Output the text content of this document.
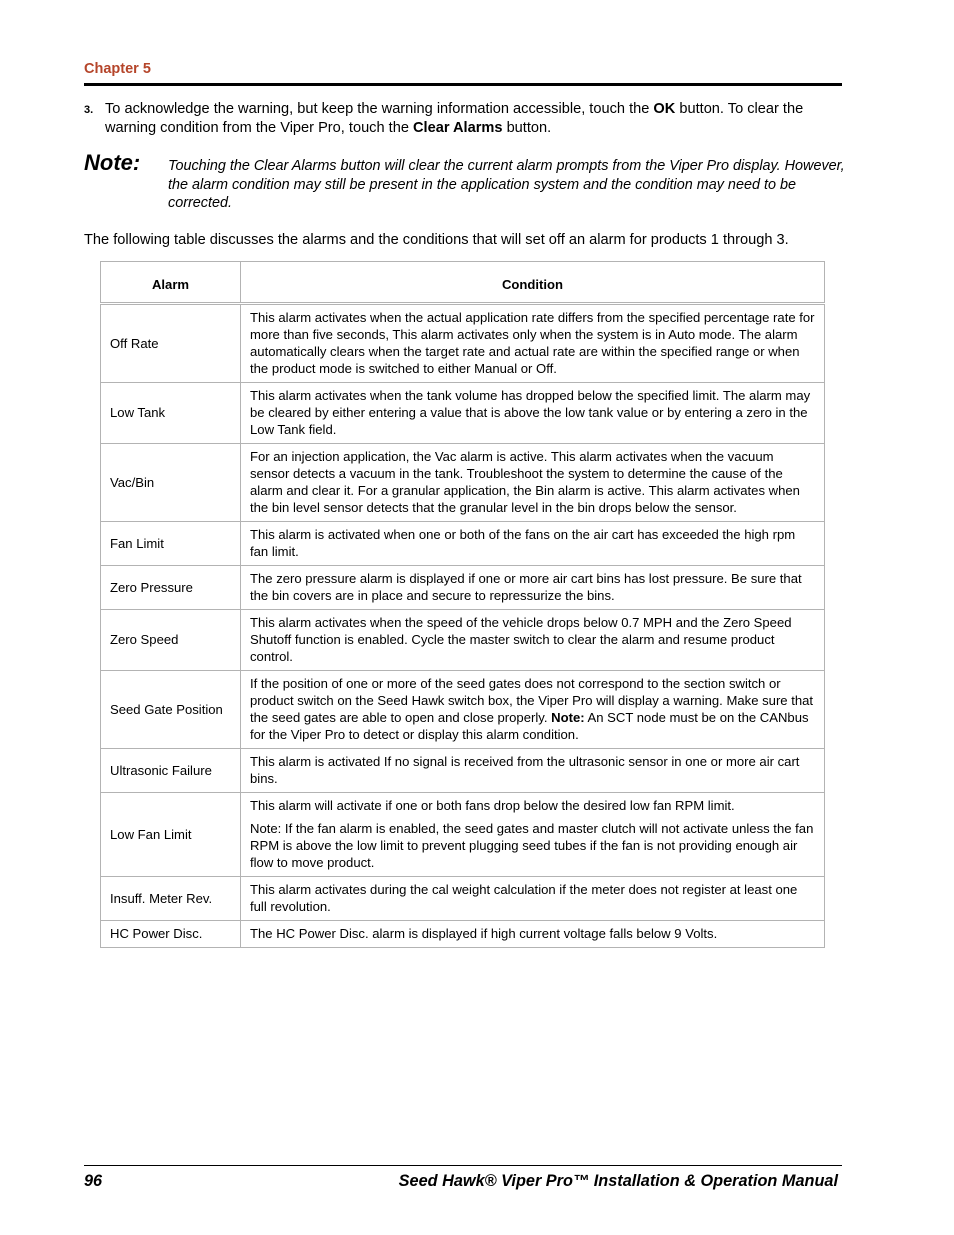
Chapter 5
3. To acknowledge the warning, but keep the warning information accessible, touch the OK button. To clear the warning condition from the Viper Pro, touch the Clear Alarms button.
Note: Touching the Clear Alarms button will clear the current alarm prompts from the Viper Pro display. However, the alarm condition may still be present in the application system and the condition may need to be corrected.
The following table discusses the alarms and the conditions that will set off an alarm for products 1 through 3.
Alarm	Condition
Off Rate	This alarm activates when the actual application rate differs from the specified percentage rate for more than five seconds, This alarm activates only when the system is in Auto mode. The alarm automatically clears when the target rate and actual rate are within the specified range or when the product mode is switched to either Manual or Off.
Low Tank	This alarm activates when the tank volume has dropped below the specified limit. The alarm may be cleared by either entering a value that is above the low tank value or by entering a zero in the Low Tank field.
Vac/Bin	For an injection application, the Vac alarm is active. This alarm activates when the vacuum sensor detects a vacuum in the tank. Troubleshoot the system to determine the cause of the alarm and clear it. For a granular application, the Bin alarm is active. This alarm activates when the bin level sensor detects that the granular level in the bin drops below the sensor.
Fan Limit	This alarm is activated when one or both of the fans on the air cart has exceeded the high rpm fan limit.
Zero Pressure	The zero pressure alarm is displayed if one or more air cart bins has lost pressure. Be sure that the bin covers are in place and secure to repressurize the bins.
Zero Speed	This alarm activates when the speed of the vehicle drops below 0.7 MPH and the Zero Speed Shutoff function is enabled. Cycle the master switch to clear the alarm and resume product control.
Seed Gate Position	If the position of one or more of the seed gates does not correspond to the section switch or product switch on the Seed Hawk switch box, the Viper Pro will display a warning. Make sure that the seed gates are able to open and close properly. Note: An SCT node must be on the CANbus for the Viper Pro to detect or display this alarm condition.
Ultrasonic Failure	This alarm is activated If no signal is received from the ultrasonic sensor in one or more air cart bins.
Low Fan Limit	This alarm will activate if one or both fans drop below the desired low fan RPM limit.

Note: If the fan alarm is enabled, the seed gates and master clutch will not activate unless the fan RPM is above the low limit to prevent plugging seed tubes if the fan is not providing enough air flow to move product.

Insuff. Meter Rev.	This alarm activates during the cal weight calculation if the meter does not register at least one full revolution.
HC Power Disc.	The HC Power Disc. alarm is displayed if high current voltage falls below 9 Volts.
96	Seed Hawk® Viper Pro™ Installation & Operation Manual
